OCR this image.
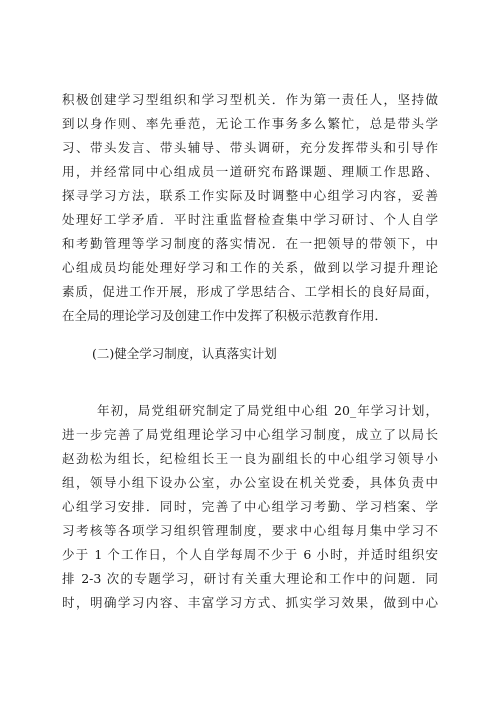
积极创建学习型组织和学习型机关．作为第一责任人，坚持做
到以身作则、率先垂范，无论工作事务多么繁忙，总是带头学
习、带头发言、带头辅导、带头调研，充分发挥带头和引导作
用，并经常同中心组成员一道研究布路课题、理顺工作思路、
探寻学习方法，联系工作实际及时调整中心组学习内容，妥善
处理好工学矛盾．平时注重监督检查集中学习研讨、个人自学
和考勤管理等学习制度的落实情况．在一把领导的带领下，中
心组成员均能处理好学习和工作的关系，做到以学习提升理论
素质，促进工作开展，形成了学思结合、工学相长的良好局面，
在全局的理论学习及创建工作中发挥了积极示范教育作用．
(二)健全学习制度，认真落实计划
年初，局党组研究制定了局党组中心组 20_年学习计划，
进一步完善了局党组理论学习中心组学习制度，成立了以局长
赵劲松为组长，纪检组长王一良为副组长的中心组学习领导小
组，领导小组下设办公室，办公室设在机关党委，具体负责中
心组学习安排．同时，完善了中心组学习考勤、学习档案、学
习考核等各项学习组织管理制度，要求中心组每月集中学习不
少于 1 个工作日，个人自学每周不少于 6 小时，并适时组织安
排 2-3 次的专题学习，研讨有关重大理论和工作中的问题．同
时，明确学习内容、丰富学习方式、抓实学习效果，做到中心
